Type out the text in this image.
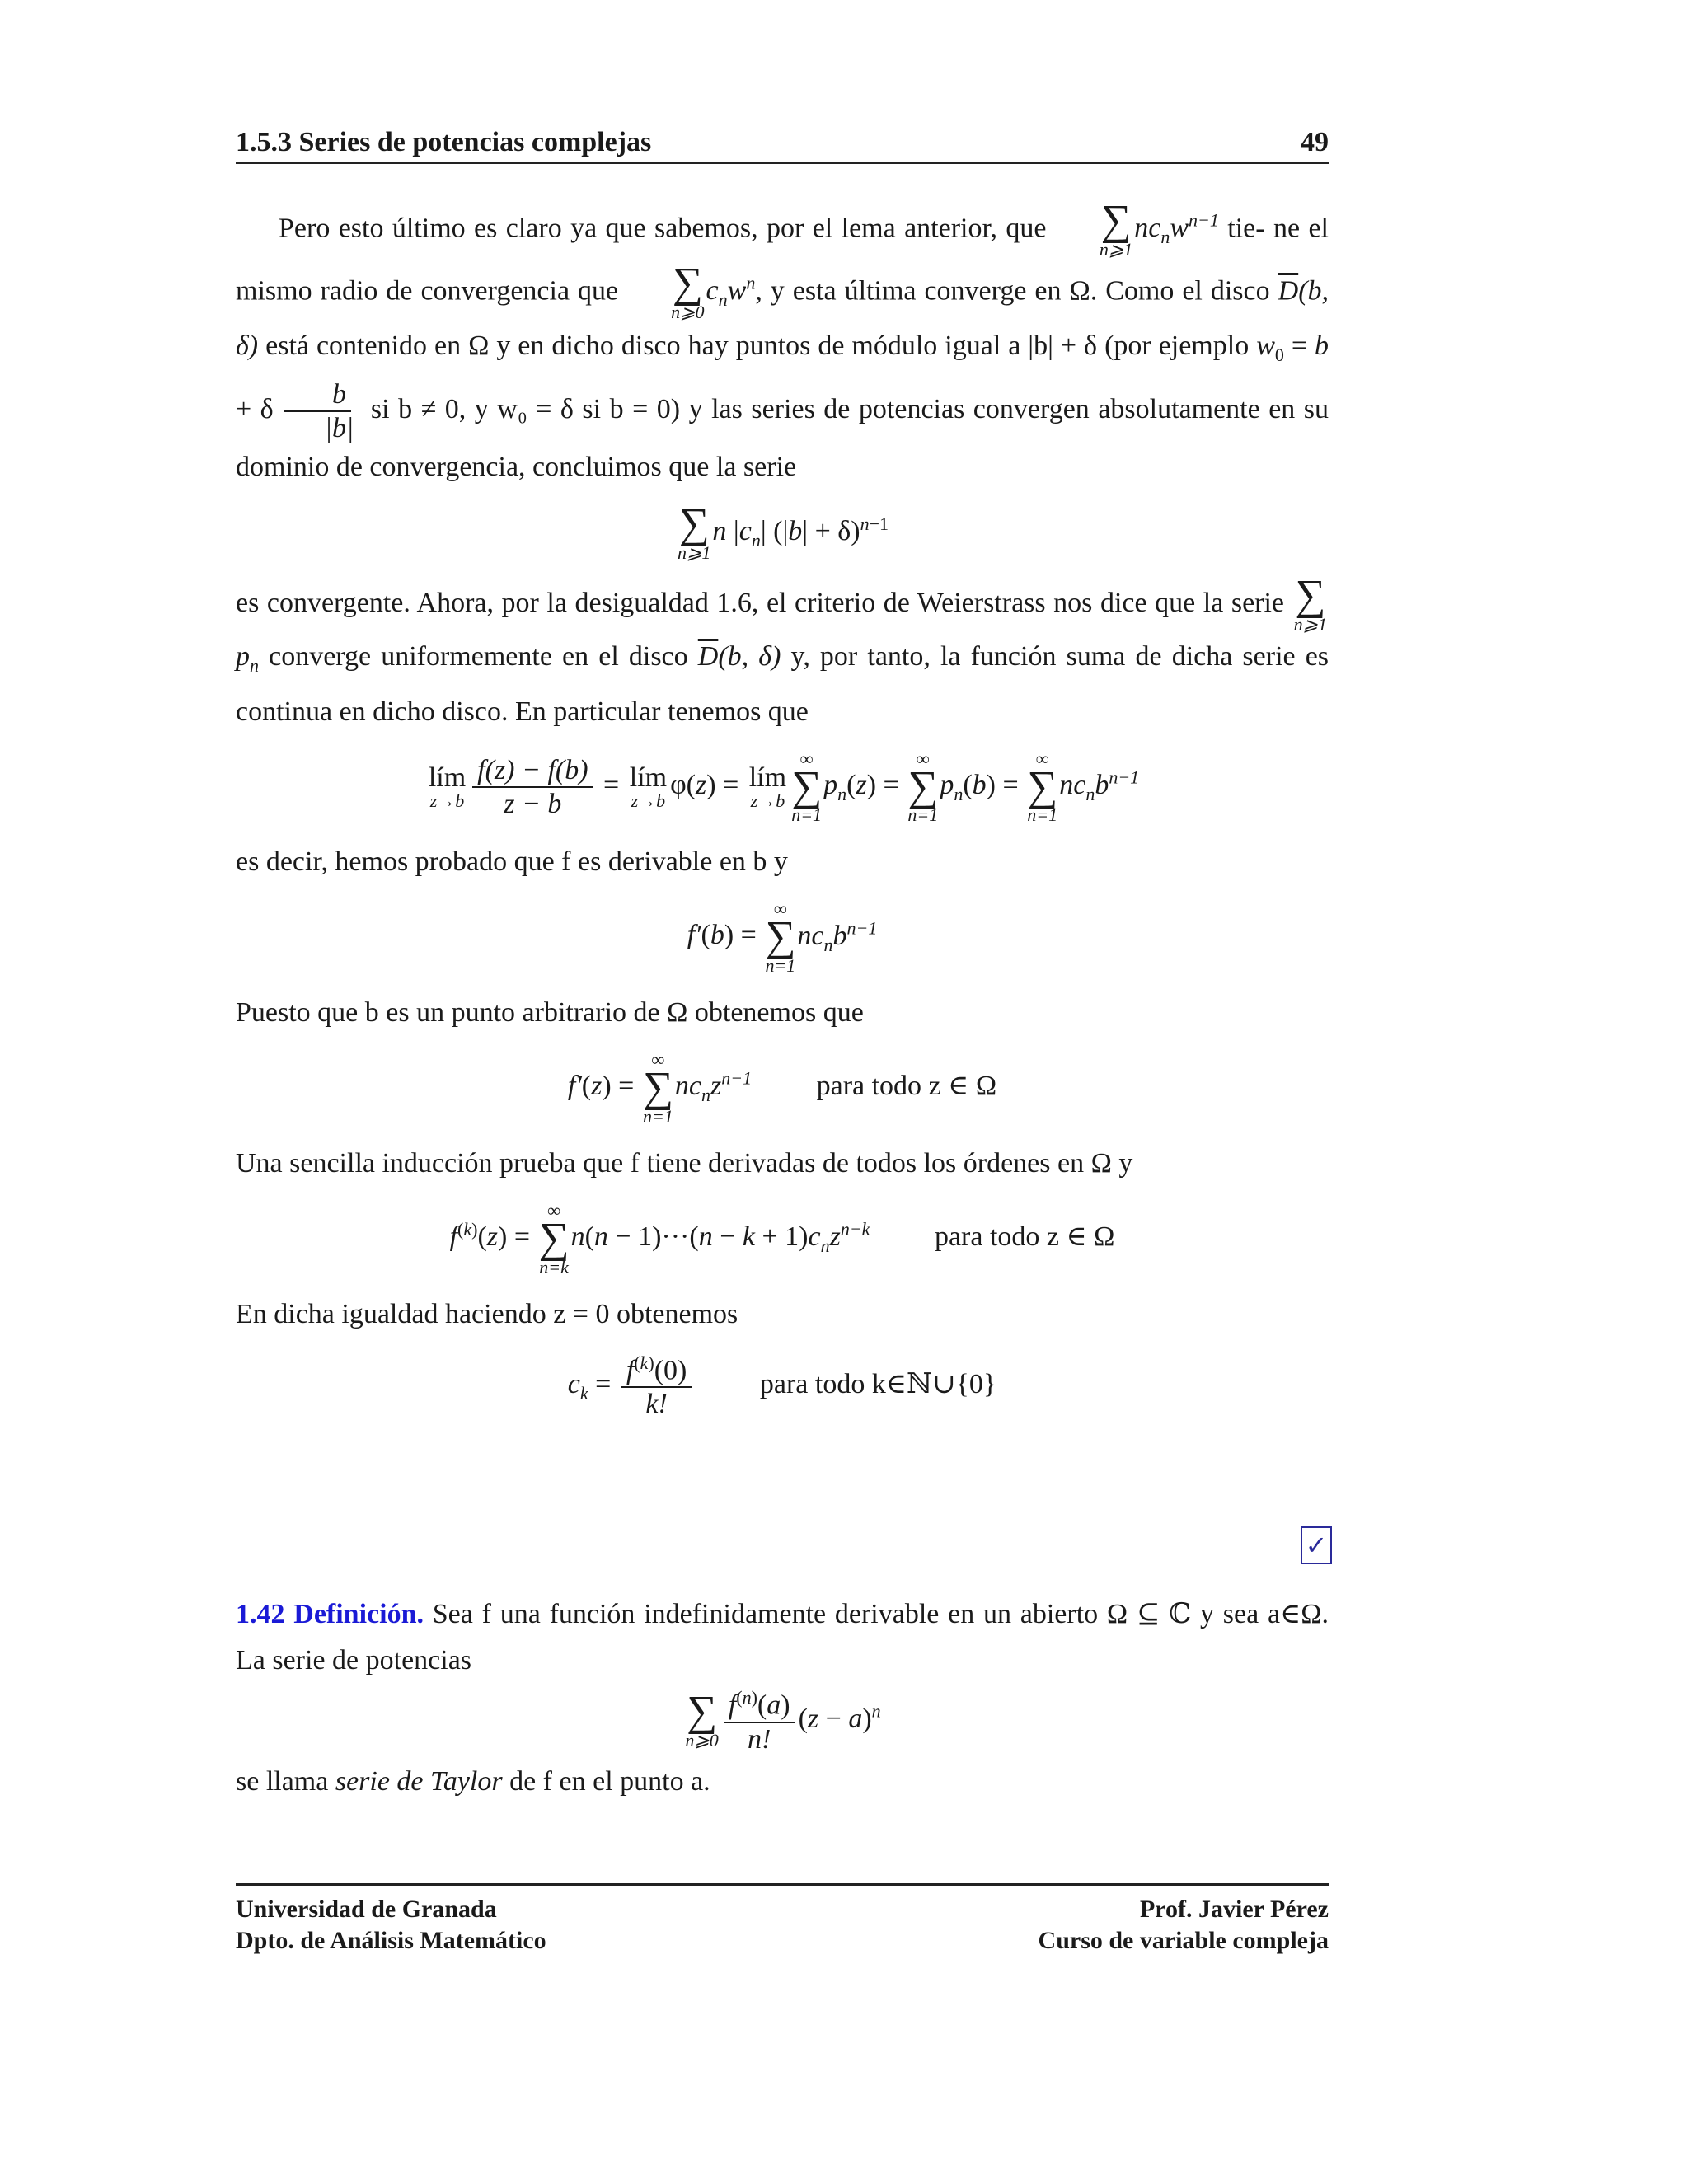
1.5.3 Series de potencias complejas	49

Pero esto último es claro ya que sabemos, por el lema anterior, que	∑
n⩾1
$nc_nw^{n-1}$ tie- ne el mismo radio de convergencia que	∑
n⩾0
$c_nw^n$, y esta última converge en Ω. Como el disco $\overline{D}(b$, δ) está contenido en Ω y en dicho disco hay puntos de módulo igual a |b| + δ (por ejemplo $w_0 = b + \delta \frac{b}{|b|}$ si b ≠ 0, y w₀ = δ si b = 0) y las series de potencias convergen absolutamente en su dominio de convergencia, concluimos que la serie

∑
n⩾1
n $|c_n|$ $(|b| + \delta)^{n-1}$

es convergente. Ahora, por la desigualdad 1.6, el criterio de Weierstrass nos dice que la serie ∑
n⩾1
$p_n$ converge uniformemente en el disco $\overline{D}(b$, δ) y, por tanto, la función suma de dicha serie es continua en dicho disco. En particular tenemos que

lím
$z\to b \frac{f(z) - f(b)}{z - b}$ = lím
z→b
φ(z) = lím
z→b
∞
∑
n=1
$p_n(z)$ =
∞
∑
n=1
$p_n(b)$ =
∞
∑
n=1
$nc_nb^{n-1}$

es decir, hemos probado que f es derivable en b y

f′(b) =
∞
∑
n=1
$nc_nb^{n-1}$

Puesto que b es un punto arbitrario de Ω obtenemos que

f′(z) =
∞
∑
n=1
$nc_nz^{n-1}$ para todo z ∈ Ω

Una sencilla inducción prueba que f tiene derivadas de todos los órdenes en Ω y

$f^{(k)}(z)$ =
∞
∑
n=k
$n(n - 1)\cdot\cdot\cdot(n - k + 1)c_nz^{n-k}$ para todo z ∈ Ω

En dicha igualdad haciendo z = 0 obtenemos

$c_k = \frac{f^{(k)}(0)}{k!}$ para todo k∈ℕ∪{0}

1.42 Definición. Sea f una función indefinidamente derivable en un abierto Ω ⊆ ℂ y sea a∈Ω. La serie de potencias

∑
n⩾0 $\frac{f^{(n)}(a)}{n!} (z - a)^n$

se llama serie de Taylor de f en el punto a.

✓
Universidad de Granada
Dpto. de Análisis Matemático
Prof. Javier Pérez
Curso de variable compleja
